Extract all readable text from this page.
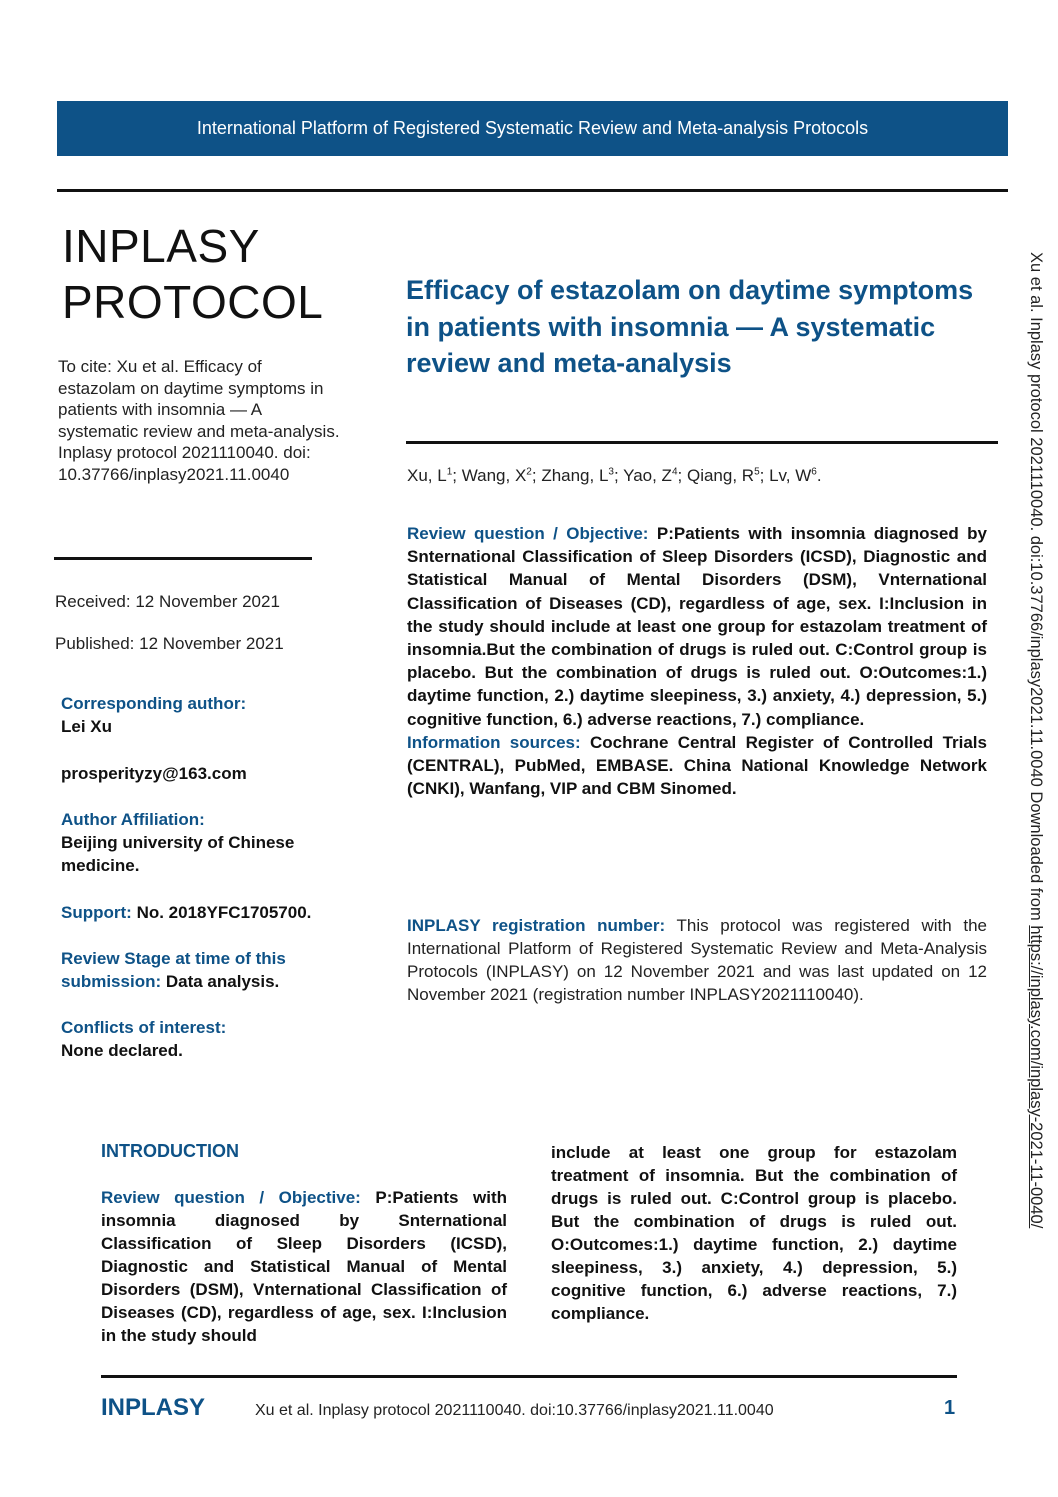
International Platform of Registered Systematic Review and Meta-analysis Protocols
INPLASY
PROTOCOL
To cite: Xu et al. Efficacy of estazolam on daytime symptoms in patients with insomnia — A systematic review and meta-analysis. Inplasy protocol 2021110040. doi: 10.37766/inplasy2021.11.0040
Received: 12 November 2021
Published: 12 November 2021
Corresponding author:
Lei Xu
prosperityzy@163.com
Author Affiliation:
Beijing university of Chinese medicine.
Support: No. 2018YFC1705700.
Review Stage at time of this submission: Data analysis.
Conflicts of interest:
None declared.
Efficacy of estazolam on daytime symptoms in patients with insomnia — A systematic review and meta-analysis
Xu, $L^1$; Wang, $X^2$; Zhang, $L^3$; Yao, $Z^4$; Qiang, $R^5$; Lv, $W^6$.
Review question / Objective: P:Patients with insomnia diagnosed by Snternational Classification of Sleep Disorders (ICSD), Diagnostic and Statistical Manual of Mental Disorders (DSM), Vnternational Classification of Diseases (CD), regardless of age, sex. I:Inclusion in the study should include at least one group for estazolam treatment of insomnia.But the combination of drugs is ruled out. C:Control group is placebo. But the combination of drugs is ruled out. O:Outcomes:1.) daytime function, 2.) daytime sleepiness, 3.) anxiety, 4.) depression, 5.) cognitive function, 6.) adverse reactions, 7.) compliance.
Information sources: Cochrane Central Register of Controlled Trials (CENTRAL), PubMed, EMBASE. China National Knowledge Network (CNKI), Wanfang, VIP and CBM Sinomed.
INPLASY registration number: This protocol was registered with the International Platform of Registered Systematic Review and Meta-Analysis Protocols (INPLASY) on 12 November 2021 and was last updated on 12 November 2021 (registration number INPLASY2021110040).
INTRODUCTION
Review question / Objective: P:Patients with insomnia diagnosed by Snternational Classification of Sleep Disorders (ICSD), Diagnostic and Statistical Manual of Mental Disorders (DSM), Vnternational Classification of Diseases (CD), regardless of age, sex. I:Inclusion in the study should
include at least one group for estazolam treatment of insomnia. But the combination of drugs is ruled out. C:Control group is placebo. But the combination of drugs is ruled out. O:Outcomes:1.) daytime function, 2.) daytime sleepiness, 3.) anxiety, 4.) depression, 5.) cognitive function, 6.) adverse reactions, 7.) compliance.
INPLASY	Xu et al. Inplasy protocol 2021110040. doi:10.37766/inplasy2021.11.0040	1
Xu et al. Inplasy protocol 2021110040. doi:10.37766/inplasy2021.11.0040 Downloaded from https://inplasy.com/inplasy-2021-11-0040/
